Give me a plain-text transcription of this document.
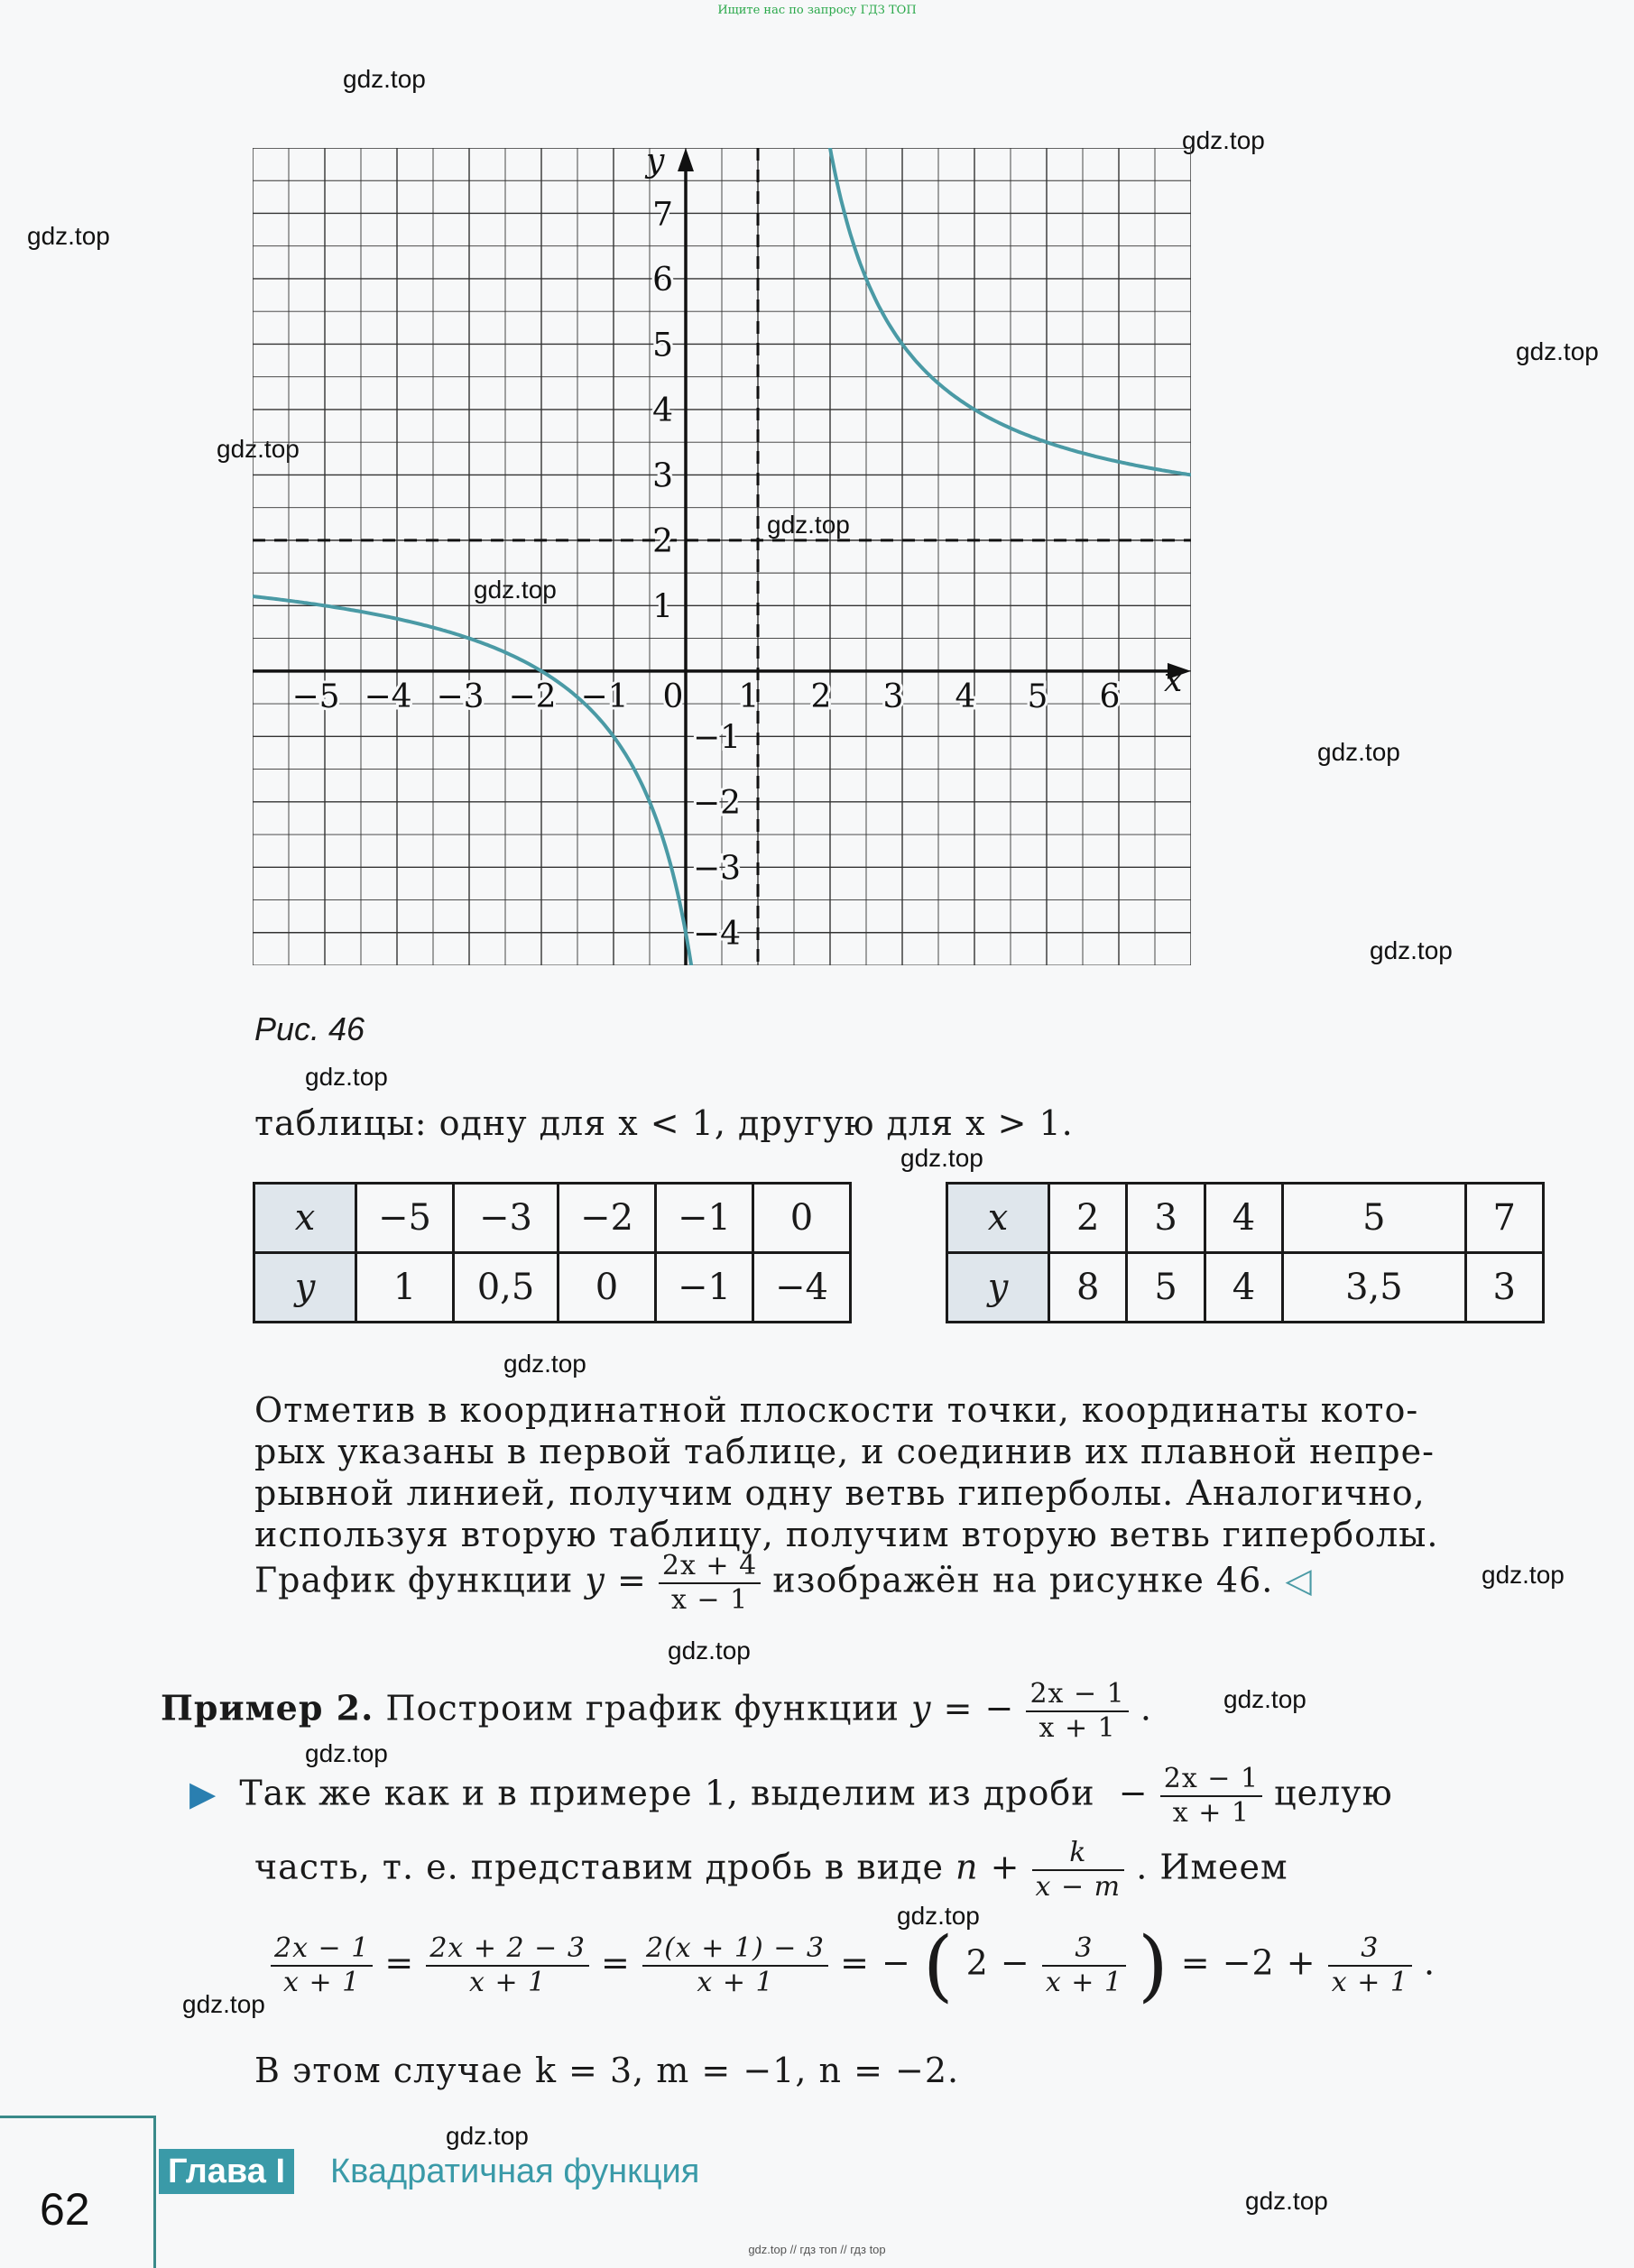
Ищите нас по запросу ГДЗ ТОП
gdz.top // гдз топ // гдз top
gdz.top
gdz.top
gdz.top
gdz.top
gdz.top
gdz.top
gdz.top
gdz.top
gdz.top
gdz.top
gdz.top
gdz.top
gdz.top
gdz.top
gdz.top
gdz.top
gdz.top
gdz.top
gdz.top
gdz.top
−5 −4 −3 −2 −1 0 1 2 3 4 5 6
1
2
3
4
5
6
7
−1
−2
−3
−4
x
y
Рис. 46
таблицы: одну для x < 1, другую для x > 1.
x	−5	−3	−2	−1	0
y	1	0,5	0	−1	−4
x	2	3	4	5	7
y	8	5	4	3,5	3
Отметив в координатной плоскости точки, координаты кото-
рых указаны в первой таблице, и соединив их плавной непре-
рывной линией, получим одну ветвь гиперболы. Аналогично,
используя вторую таблицу, получим вторую ветвь гиперболы.
График функции $y = \frac{2x + 4}{x - 1}$ изображён на рисунке 46. ◁
Пример 2. Построим график функции y = − $\frac{2x - 1}{x + 1}$ .
▶ Так же как и в примере 1, выделим из дроби  − $\frac{2x - 1}{x + 1}$ целую
часть, т. е. представим дробь в виде $n + \frac{k}{x - m}$ . Имеем
$\frac{2x - 1}{x + 1} = \frac{2x + 2 - 3}{x + 1} = \frac{2(x + 1) - 3}{x + 1}$ = − ( $2 - \frac{3}{x + 1}$ ) = $-2 + \frac{3}{x + 1}$ .
В этом случае k = 3, m = −1, n = −2.
Глава I Квадратичная функция
62
